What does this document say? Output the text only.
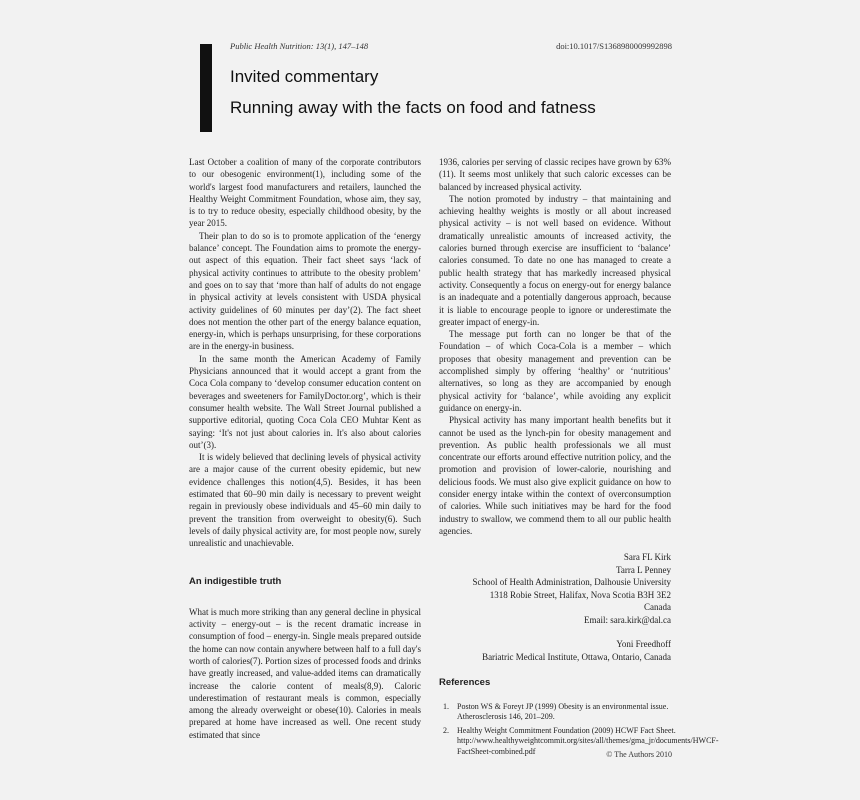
Public Health Nutrition: 13(1), 147–148	doi:10.1017/S1368980009992898
Invited commentary
Running away with the facts on food and fatness

Last October a coalition of many of the corporate contributors to our obesogenic environment(1), including some of the world's largest food manufacturers and retailers, launched the Healthy Weight Commitment Foundation, whose aim, they say, is to try to reduce obesity, especially childhood obesity, by the year 2015.

Their plan to do so is to promote application of the ‘energy balance’ concept. The Foundation aims to promote the energy-out aspect of this equation. Their fact sheet says ‘lack of physical activity continues to attribute to the obesity problem’ and goes on to say that ‘more than half of adults do not engage in physical activity at levels consistent with USDA physical activity guidelines of 60 minutes per day’(2). The fact sheet does not mention the other part of the energy balance equation, energy-in, which is perhaps unsurprising, for these corporations are in the energy-in business.

In the same month the American Academy of Family Physicians announced that it would accept a grant from the Coca Cola company to ‘develop consumer education content on beverages and sweeteners for FamilyDoctor.org’, which is their consumer health website. The Wall Street Journal published a supportive editorial, quoting Coca Cola CEO Muhtar Kent as saying: ‘It's not just about calories in. It's also about calories out’(3).

It is widely believed that declining levels of physical activity are a major cause of the current obesity epidemic, but new evidence challenges this notion(4,5). Besides, it has been estimated that 60–90 min daily is necessary to prevent weight regain in previously obese individuals and 45–60 min daily to prevent the transition from overweight to obesity(6). Such levels of daily physical activity are, for most people now, surely unrealistic and unachievable.

An indigestible truth

What is much more striking than any general decline in physical activity – energy-out – is the recent dramatic increase in consumption of food – energy-in. Single meals prepared outside the home can now contain anywhere between half to a full day's worth of calories(7). Portion sizes of processed foods and drinks have greatly increased, and value-added items can dramatically increase the calorie content of meals(8,9). Caloric underestimation of restaurant meals is common, especially among the already overweight or obese(10). Calories in meals prepared at home have increased as well. One recent study estimated that since

1936, calories per serving of classic recipes have grown by 63%(11). It seems most unlikely that such caloric excesses can be balanced by increased physical activity.

The notion promoted by industry – that maintaining and achieving healthy weights is mostly or all about increased physical activity – is not well based on evidence. Without dramatically unrealistic amounts of increased activity, the calories burned through exercise are insufficient to ‘balance’ calories consumed. To date no one has managed to create a public health strategy that has markedly increased physical activity. Consequently a focus on energy-out for energy balance is an inadequate and a potentially dangerous approach, because it is liable to encourage people to ignore or underestimate the greater impact of energy-in.

The message put forth can no longer be that of the Foundation – of which Coca-Cola is a member – which proposes that obesity management and prevention can be accomplished simply by offering ‘healthy’ or ‘nutritious’ alternatives, so long as they are accompanied by enough physical activity for ‘balance’, while avoiding any explicit guidance on energy-in.

Physical activity has many important health benefits but it cannot be used as the lynch-pin for obesity management and prevention. As public health professionals we all must concentrate our efforts around effective nutrition policy, and the promotion and provision of lower-calorie, nourishing and delicious foods. We must also give explicit guidance on how to consider energy intake within the context of overconsumption of calories. While such initiatives may be hard for the food industry to swallow, we commend them to all our public health agencies.

Sara FL Kirk
Tarra L Penney
School of Health Administration, Dalhousie University
1318 Robie Street, Halifax, Nova Scotia B3H 3E2
Canada
Email: sara.kirk@dal.ca
Yoni Freedhoff
Bariatric Medical Institute, Ottawa, Ontario, Canada
References
1.	Poston WS & Foreyt JP (1999) Obesity is an environmental issue. Atherosclerosis 146, 201–209.
2.	Healthy Weight Commitment Foundation (2009) HCWF Fact Sheet. http://www.healthyweightcommit.org/sites/all/themes/gma_jr/documents/HWCF-FactSheet-combined.pdf	© The Authors 2010
